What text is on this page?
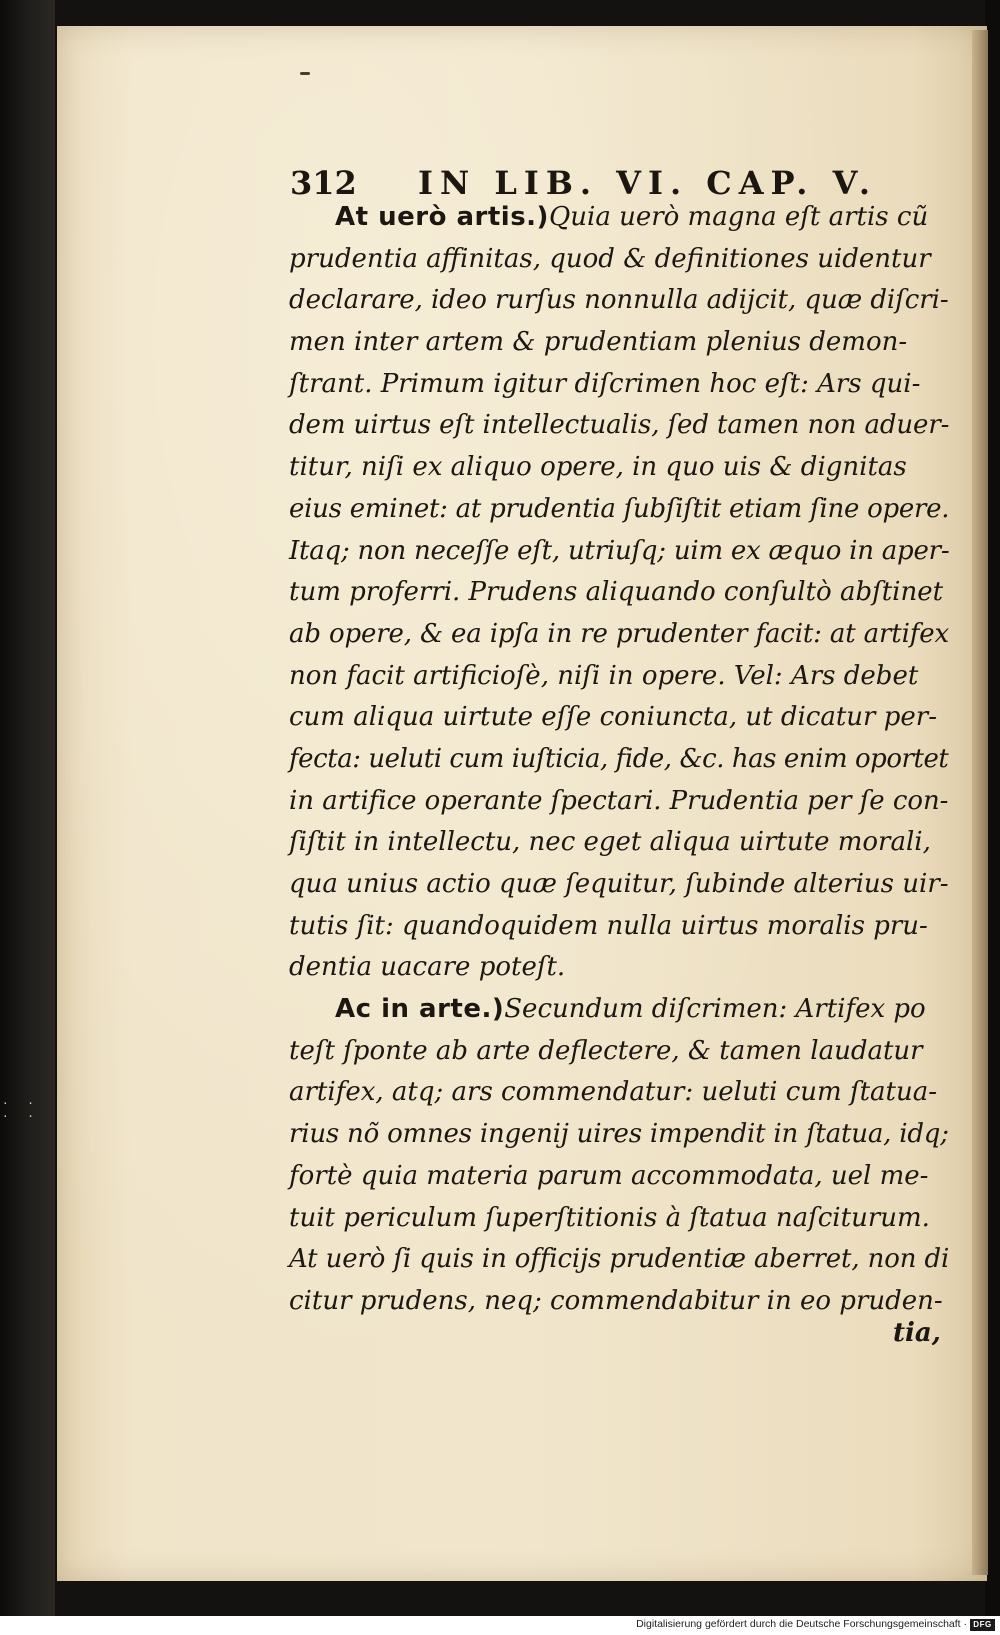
. . . .
312 IN LIB. VI. CAP. V.
At uerò artis.)Quia uerò magna eſt artis cũ
prudentia affinitas, quod & definitiones uidentur
declarare, ideo rurſus nonnulla adijcit, quæ diſcri-
men inter artem & prudentiam plenius demon-
ſtrant. Primum igitur diſcrimen hoc eſt: Ars qui-
dem uirtus eſt intellectualis, ſed tamen non aduer-
titur, niſi ex aliquo opere, in quo uis & dignitas
eius eminet: at prudentia ſubſiſtit etiam ſine opere.
Itaq; non neceſſe eſt, utriuſq; uim ex æquo in aper-
tum proferri. Prudens aliquando conſultò abſtinet
ab opere, & ea ipſa in re prudenter facit: at artifex
non facit artificioſè, niſi in opere. Vel: Ars debet
cum aliqua uirtute eſſe coniuncta, ut dicatur per-
fecta: ueluti cum iuſticia, fide, &c. has enim oportet
in artifice operante ſpectari. Prudentia per ſe con-
ſiſtit in intellectu, nec eget aliqua uirtute morali,
qua unius actio quæ ſequitur, ſubinde alterius uir-
tutis ſit: quandoquidem nulla uirtus moralis pru-
dentia uacare poteſt.
Ac in arte.)Secundum diſcrimen: Artifex po
teſt ſponte ab arte deflectere, & tamen laudatur
artifex, atq; ars commendatur: ueluti cum ſtatua-
rius nõ omnes ingenij uires impendit in ſtatua, idq;
fortè quia materia parum accommodata, uel me-
tuit periculum ſuperſtitionis à ſtatua naſciturum.
At uerò ſi quis in officijs prudentiæ aberret, non di
citur prudens, neq; commendabitur in eo pruden-
tia,
Digitalisierung gefördert durch die Deutsche Forschungsgemeinschaft · DFG
